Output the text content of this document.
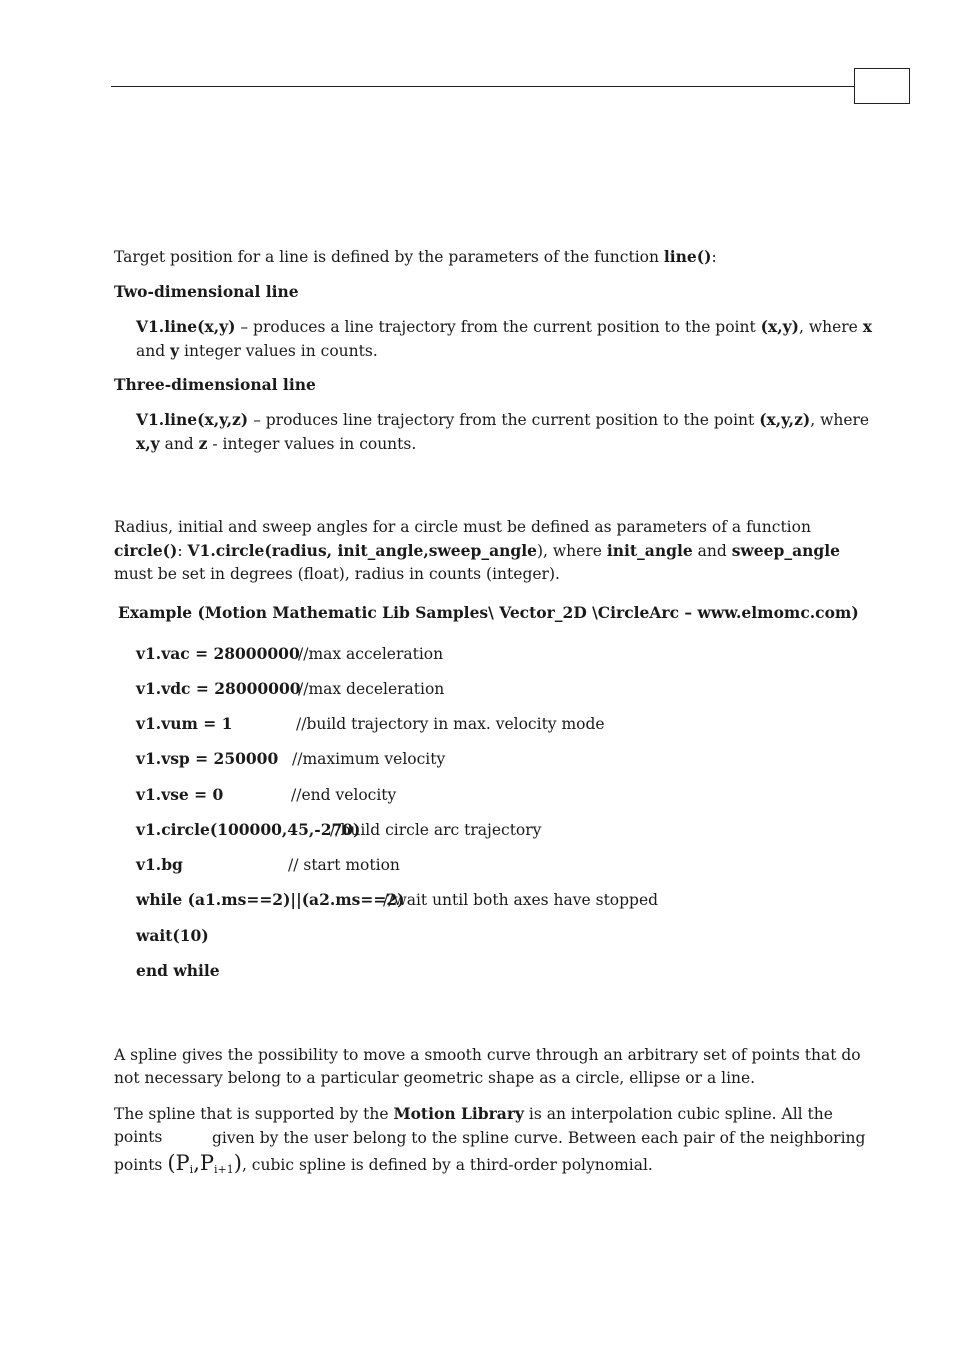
Target position for a line is defined by the parameters of the function line():

Two-dimensional line

V1.line(x,y) – produces a line trajectory from the current position to the point (x,y), where x and y integer values in counts.

Three-dimensional line

V1.line(x,y,z) – produces line trajectory from the current position to the point (x,y,z), where x,y and z - integer values in counts.

Radius, initial and sweep angles for a circle must be defined as parameters of a function circle(): V1.circle(radius, init_angle,sweep_angle), where init_angle and sweep_angle must be set in degrees (float), radius in counts (integer).

Example (Motion Mathematic Lib Samples\ Vector_2D \CircleArc – www.elmomc.com)

v1.vac = 28000000
//max acceleration
v1.vdc = 28000000
//max deceleration
v1.vum = 1	//build trajectory in max. velocity mode
v1.vsp = 250000 //maximum velocity
v1.vse = 0	//end velocity
v1.circle(100000,45,-270)
//build circle arc trajectory
v1.bg	// start motion
while (a1.ms==2)||(a2.ms==2)
//wait until both axes have stopped
wait(10)
end while

A spline gives the possibility to move a smooth curve through an arbitrary set of points that do not necessary belong to a particular geometric shape as a circle, ellipse or a line.

The spline that is supported by the Motion Library is an interpolation cubic spline. All the points	given by the user belong to the spline curve. Between each pair of the neighboring

points $(P_i,P_{i+1})$, cubic spline is defined by a third-order polynomial.
